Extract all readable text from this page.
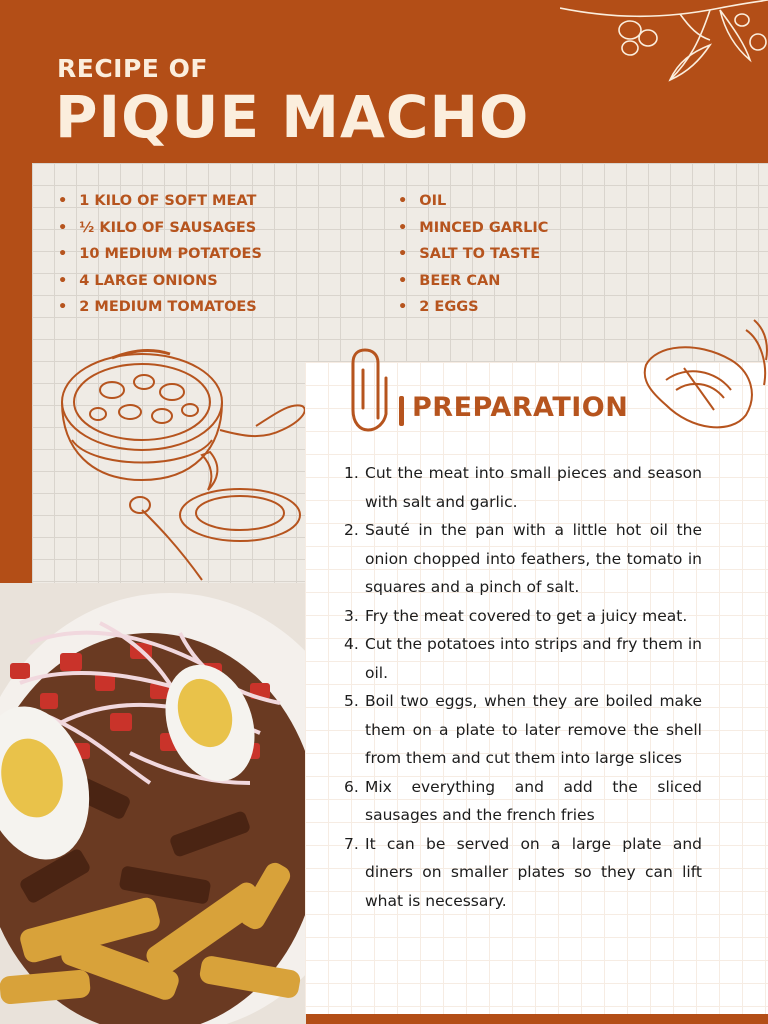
RECIPE OF
PIQUE MACHO
• 1 KILO OF SOFT MEAT
• ½ KILO OF SAUSAGES
• 10 MEDIUM POTATOES
• 4 LARGE ONIONS
• 2 MEDIUM TOMATOES
• OIL
• MINCED GARLIC
• SALT TO TASTE
• BEER CAN
• 2 EGGS
PREPARATION
1. Cut the meat into small pieces and season with salt and garlic.
2. Sauté in the pan with a little hot oil the onion chopped into feathers, the tomato in squares and a pinch of salt.
3. Fry the meat covered to get a juicy meat.
4. Cut the potatoes into strips and fry them in oil.
5. Boil two eggs, when they are boiled make them on a plate to later remove the shell from them and cut them into large slices
6. Mix everything and add the sliced sausages and the french fries
7. It can be served on a large plate and diners on smaller plates so they can lift what is necessary.
